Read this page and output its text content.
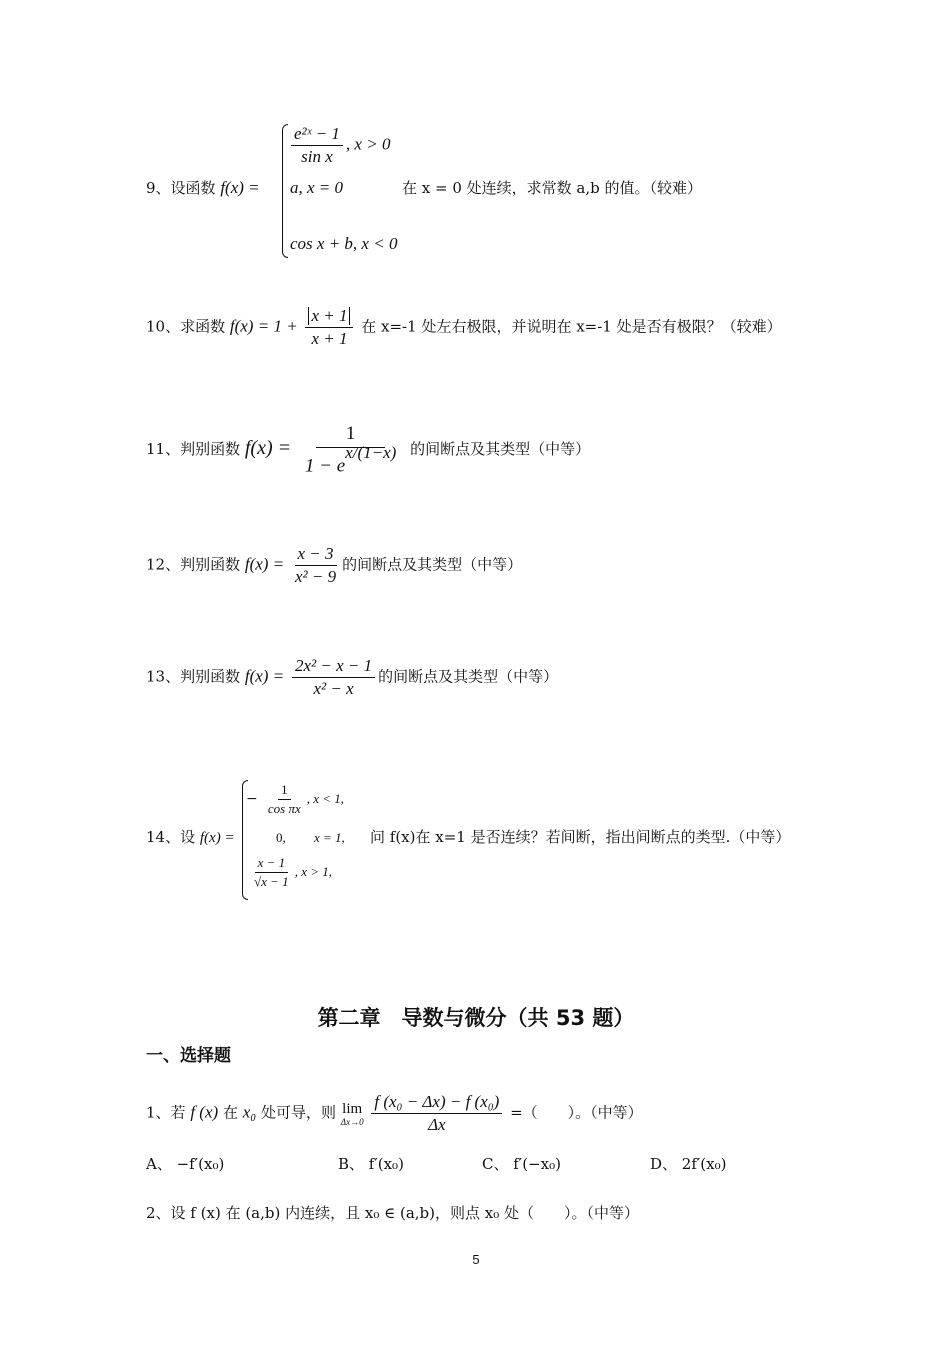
9、设函数 f(x) =
$\frac{\text{e²ˣ − 1}}{\text{sin x}}$ , x > 0
a, x = 0
cos x + b, x < 0
在 x = 0 处连续，求常数 a,b 的值。（较难）
10、求函数 $f(x) = 1 + \frac{x + 1}{x + 1}$ 在 x=-1 处左右极限，并说明在 x=-1 处是否有极限？（较难）
11、判别函数 $f(x) = \frac{1}{1 - e^{x/(1-x)}}$ 的间断点及其类型（中等）
12、判别函数 $f(x) = \frac{x - 3}{\text{x² − 9}}$ 的间断点及其类型（中等）
13、判别函数 $f(x) = \frac{\text{2x² − x − 1}}{\text{x² − x}}$ 的间断点及其类型（中等）
14、设 f(x) =
− $\frac{1}{\text{cos πx}}$ , x < 1,
0, x = 1,
$\frac{x - 1}{√x - 1}$ , x > 1,
问 f(x)在 x=1 是否连续？若间断，指出间断点的类型.（中等）
第二章　导数与微分（共 53 题）
一、选择题
1、若 f (x) 在 x₀ 处可导，则 lim
Δx→0
$\frac{\text{f (x₀ − Δx) − f (x₀)}}{\Delta x}$ =（　　）。（中等）
A、 −f′(x₀)	B、 f′(x₀)	C、 f′(−x₀)	D、 2f′(x₀)
2、设 f (x) 在 (a,b) 内连续，且 x₀ ∈ (a,b)，则点 x₀ 处（　　）。（中等）
5
